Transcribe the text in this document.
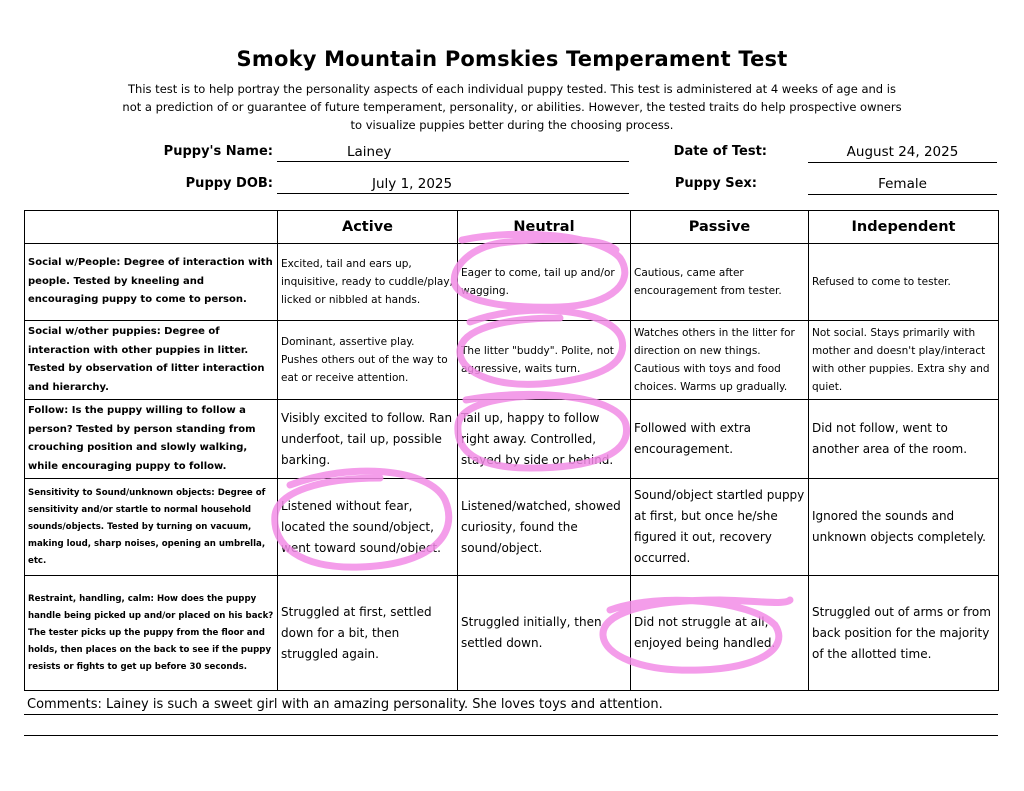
Smoky Mountain Pomskies Temperament Test
This test is to help portray the personality aspects of each individual puppy tested. This test is administered at 4 weeks of age and is not a prediction of or guarantee of future temperament, personality, or abilities. However, the tested traits do help prospective owners to visualize puppies better during the choosing process.
Puppy's Name:	Lainey	Date of Test:	August 24, 2025
Puppy DOB:	July 1, 2025	Puppy Sex:	Female
	Active	Neutral	Passive	Independent
Social w/People: Degree of interaction with people. Tested by kneeling and encouraging puppy to come to person.	Excited, tail and ears up, inquisitive, ready to cuddle/play, licked or nibbled at hands.	Eager to come, tail up and/or wagging.	Cautious, came after encouragement from tester.	Refused to come to tester.
Social w/other puppies: Degree of interaction with other puppies in litter. Tested by observation of litter interaction and hierarchy.	Dominant, assertive play. Pushes others out of the way to eat or receive attention.	The litter "buddy". Polite, not aggressive, waits turn.	Watches others in the litter for direction on new things. Cautious with toys and food choices. Warms up gradually.	Not social. Stays primarily with mother and doesn't play/interact with other puppies. Extra shy and quiet.
Follow: Is the puppy willing to follow a person? Tested by person standing from crouching position and slowly walking, while encouraging puppy to follow.	Visibly excited to follow. Ran underfoot, tail up, possible barking.	Tail up, happy to follow right away. Controlled, stayed by side or behind.	Followed with extra encouragement.	Did not follow, went to another area of the room.
Sensitivity to Sound/unknown objects: Degree of sensitivity and/or startle to normal household sounds/objects. Tested by turning on vacuum, making loud, sharp noises, opening an umbrella, etc.	Listened without fear, located the sound/object, went toward sound/object.	Listened/watched, showed curiosity, found the sound/object.	Sound/object startled puppy at first, but once he/she figured it out, recovery occurred.	Ignored the sounds and unknown objects completely.
Restraint, handling, calm: How does the puppy handle being picked up and/or placed on his back? The tester picks up the puppy from the floor and holds, then places on the back to see if the puppy resists or fights to get up before 30 seconds.	Struggled at first, settled down for a bit, then struggled again.	Struggled initially, then settled down.	Did not struggle at all, enjoyed being handled.	Struggled out of arms or from back position for the majority of the allotted time.
Comments: Lainey is such a sweet girl with an amazing personality. She loves toys and attention.
